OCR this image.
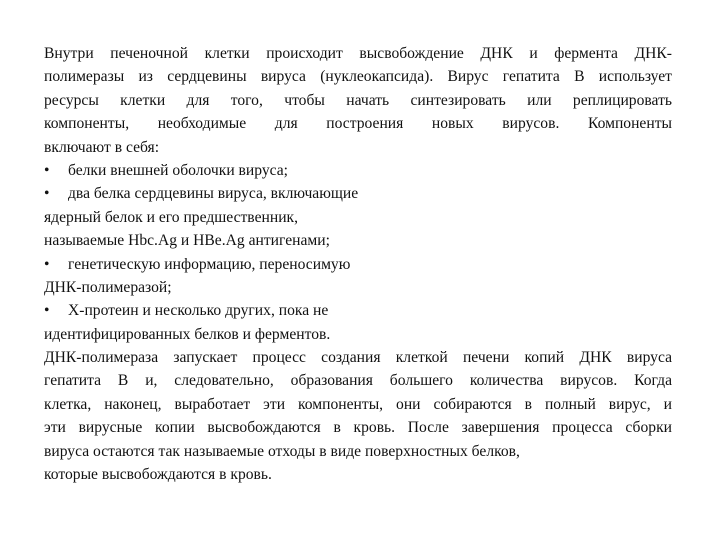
Внутри печеночной клетки происходит высвобождение ДНК и фермента ДНК-
полимеразы из сердцевины вируса (нуклеокапсида). Вирус гепатита В использует
ресурсы клетки для того, чтобы начать синтезировать или реплицировать
компоненты, необходимые для построения новых вирусов. Компоненты
включают в себя:
• белки внешней оболочки вируса;
• два белка сердцевины вируса, включающие
ядерный белок и его предшественник,
называемые Hbc.Ag и HBe.Ag антигенами;
• генетическую информацию, переносимую
ДНК-полимеразой;
• X-протеин и несколько других, пока не
идентифицированных белков и ферментов.
ДНК-полимераза запускает процесс создания клеткой печени копий ДНК вируса
гепатита В и, следовательно, образования большего количества вирусов. Когда
клетка, наконец, выработает эти компоненты, они собираются в полный вирус, и
эти вирусные копии высвобождаются в кровь. После завершения процесса сборки
вируса остаются так называемые отходы в виде поверхностных белков,
которые высвобождаются в кровь.
